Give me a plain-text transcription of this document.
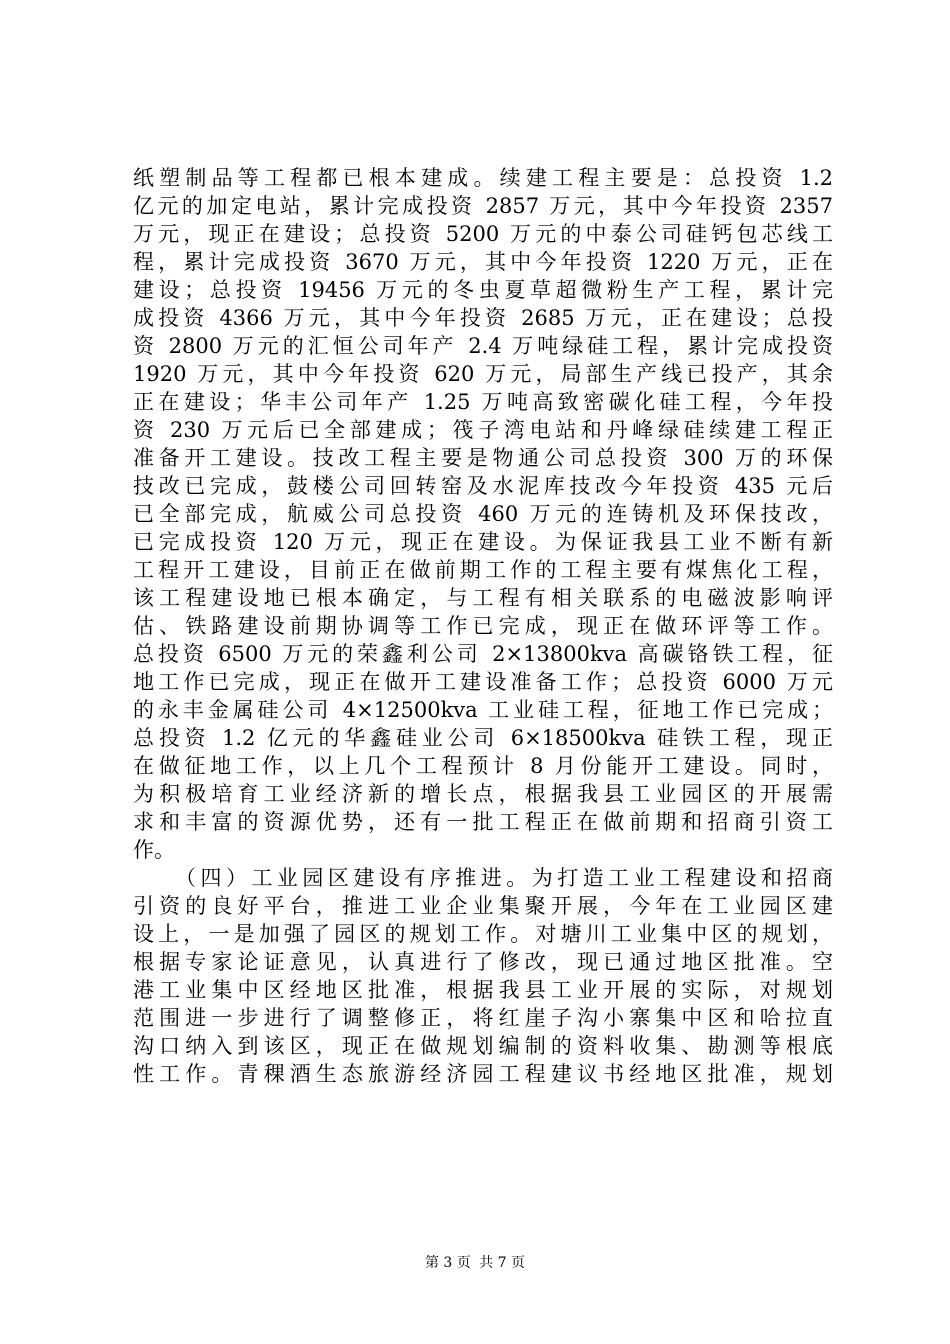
纸塑制品等工程都已根本建成。续建工程主要是：总投资 1.2
亿元的加定电站，累计完成投资 2857 万元，其中今年投资 2357
万元，现正在建设；总投资 5200 万元的中泰公司硅钙包芯线工
程，累计完成投资 3670 万元，其中今年投资 1220 万元，正在
建设；总投资 19456 万元的冬虫夏草超微粉生产工程，累计完
成投资 4366 万元，其中今年投资 2685 万元，正在建设；总投
资 2800 万元的汇恒公司年产 2.4 万吨绿硅工程，累计完成投资
1920 万元，其中今年投资 620 万元，局部生产线已投产，其余
正在建设；华丰公司年产 1.25 万吨高致密碳化硅工程，今年投
资 230 万元后已全部建成；筏子湾电站和丹峰绿硅续建工程正
准备开工建设。技改工程主要是物通公司总投资 300 万的环保
技改已完成，鼓楼公司回转窑及水泥库技改今年投资 435 元后
已全部完成，航威公司总投资 460 万元的连铸机及环保技改，
已完成投资 120 万元，现正在建设。为保证我县工业不断有新
工程开工建设，目前正在做前期工作的工程主要有煤焦化工程，
该工程建设地已根本确定，与工程有相关联系的电磁波影响评
估、铁路建设前期协调等工作已完成，现正在做环评等工作。
总投资 6500 万元的荣鑫利公司 2×13800kva 高碳铬铁工程，征
地工作已完成，现正在做开工建设准备工作；总投资 6000 万元
的永丰金属硅公司 4×12500kva 工业硅工程，征地工作已完成；
总投资 1.2 亿元的华鑫硅业公司 6×18500kva 硅铁工程，现正
在做征地工作，以上几个工程预计 8 月份能开工建设。同时，
为积极培育工业经济新的增长点，根据我县工业园区的开展需
求和丰富的资源优势，还有一批工程正在做前期和招商引资工
作。
（四）工业园区建设有序推进。为打造工业工程建设和招商
引资的良好平台，推进工业企业集聚开展，今年在工业园区建
设上，一是加强了园区的规划工作。对塘川工业集中区的规划，
根据专家论证意见，认真进行了修改，现已通过地区批准。空
港工业集中区经地区批准，根据我县工业开展的实际，对规划
范围进一步进行了调整修正，将红崖子沟小寨集中区和哈拉直
沟口纳入到该区，现正在做规划编制的资料收集、勘测等根底
性工作。青稞酒生态旅游经济园工程建议书经地区批准，规划
第 3 页 共 7 页
